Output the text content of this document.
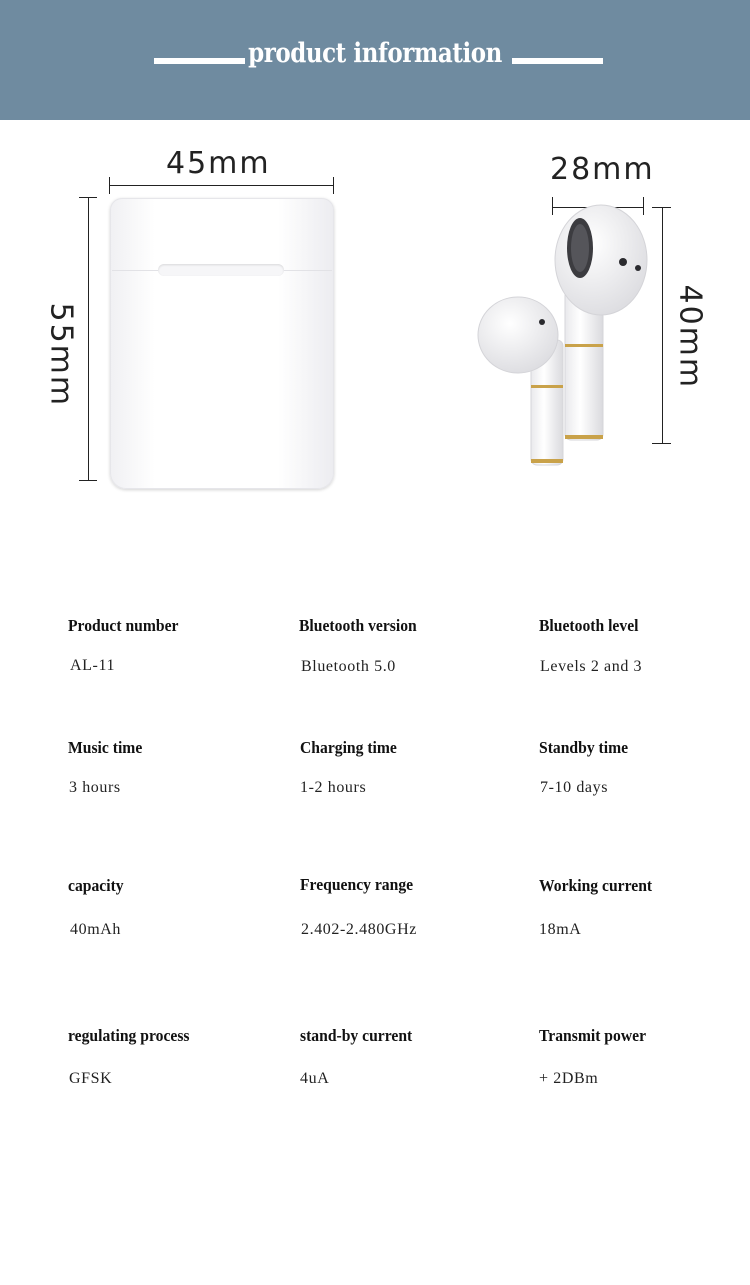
product information
45mm
55mm
28mm
40mm
Product number
AL-11
Bluetooth version
Bluetooth 5.0
Bluetooth level
Levels 2 and 3
Music time
3 hours
Charging time
1-2 hours
Standby time
7-10 days
capacity
40mAh
Frequency range
2.402-2.480GHz
Working current
18mA
regulating process
GFSK
stand-by current
4uA
Transmit power
+ 2DBm
